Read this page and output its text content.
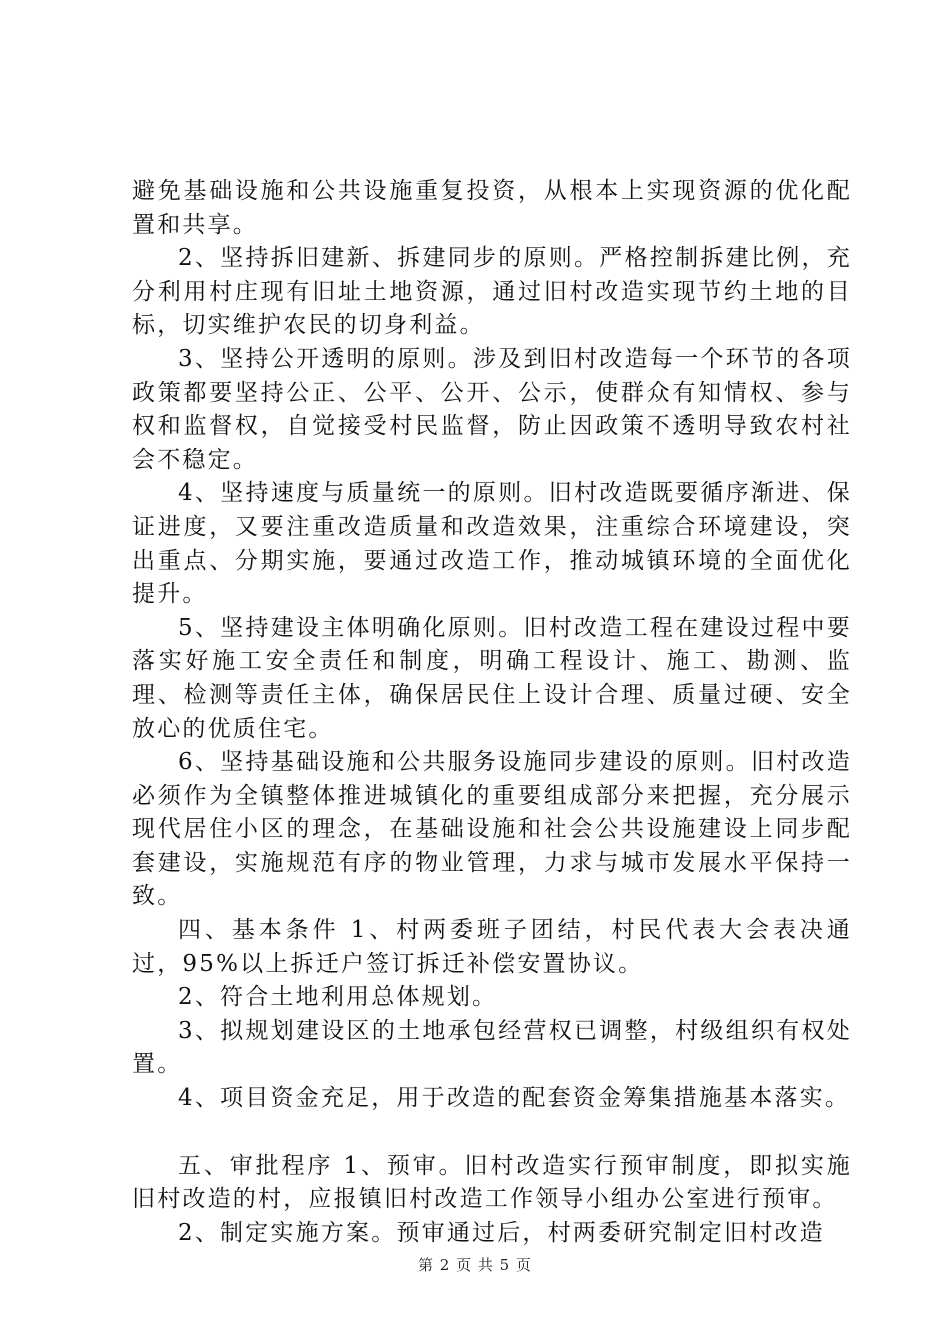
避免基础设施和公共设施重复投资，从根本上实现资源的优化配置和共享。

2、坚持拆旧建新、拆建同步的原则。严格控制拆建比例，充分利用村庄现有旧址土地资源，通过旧村改造实现节约土地的目标，切实维护农民的切身利益。

3、坚持公开透明的原则。涉及到旧村改造每一个环节的各项政策都要坚持公正、公平、公开、公示，使群众有知情权、参与权和监督权，自觉接受村民监督，防止因政策不透明导致农村社会不稳定。

4、坚持速度与质量统一的原则。旧村改造既要循序渐进、保证进度，又要注重改造质量和改造效果，注重综合环境建设，突出重点、分期实施，要通过改造工作，推动城镇环境的全面优化提升。

5、坚持建设主体明确化原则。旧村改造工程在建设过程中要落实好施工安全责任和制度，明确工程设计、施工、勘测、监理、检测等责任主体，确保居民住上设计合理、质量过硬、安全放心的优质住宅。

6、坚持基础设施和公共服务设施同步建设的原则。旧村改造必须作为全镇整体推进城镇化的重要组成部分来把握，充分展示现代居住小区的理念，在基础设施和社会公共设施建设上同步配套建设，实施规范有序的物业管理，力求与城市发展水平保持一致。

四、基本条件 1、村两委班子团结，村民代表大会表决通过，95%以上拆迁户签订拆迁补偿安置协议。

2、符合土地利用总体规划。

3、拟规划建设区的土地承包经营权已调整，村级组织有权处置。

4、项目资金充足，用于改造的配套资金筹集措施基本落实。

五、审批程序 1、预审。旧村改造实行预审制度，即拟实施旧村改造的村，应报镇旧村改造工作领导小组办公室进行预审。

2、制定实施方案。预审通过后，村两委研究制定旧村改造

第 2 页 共 5 页
